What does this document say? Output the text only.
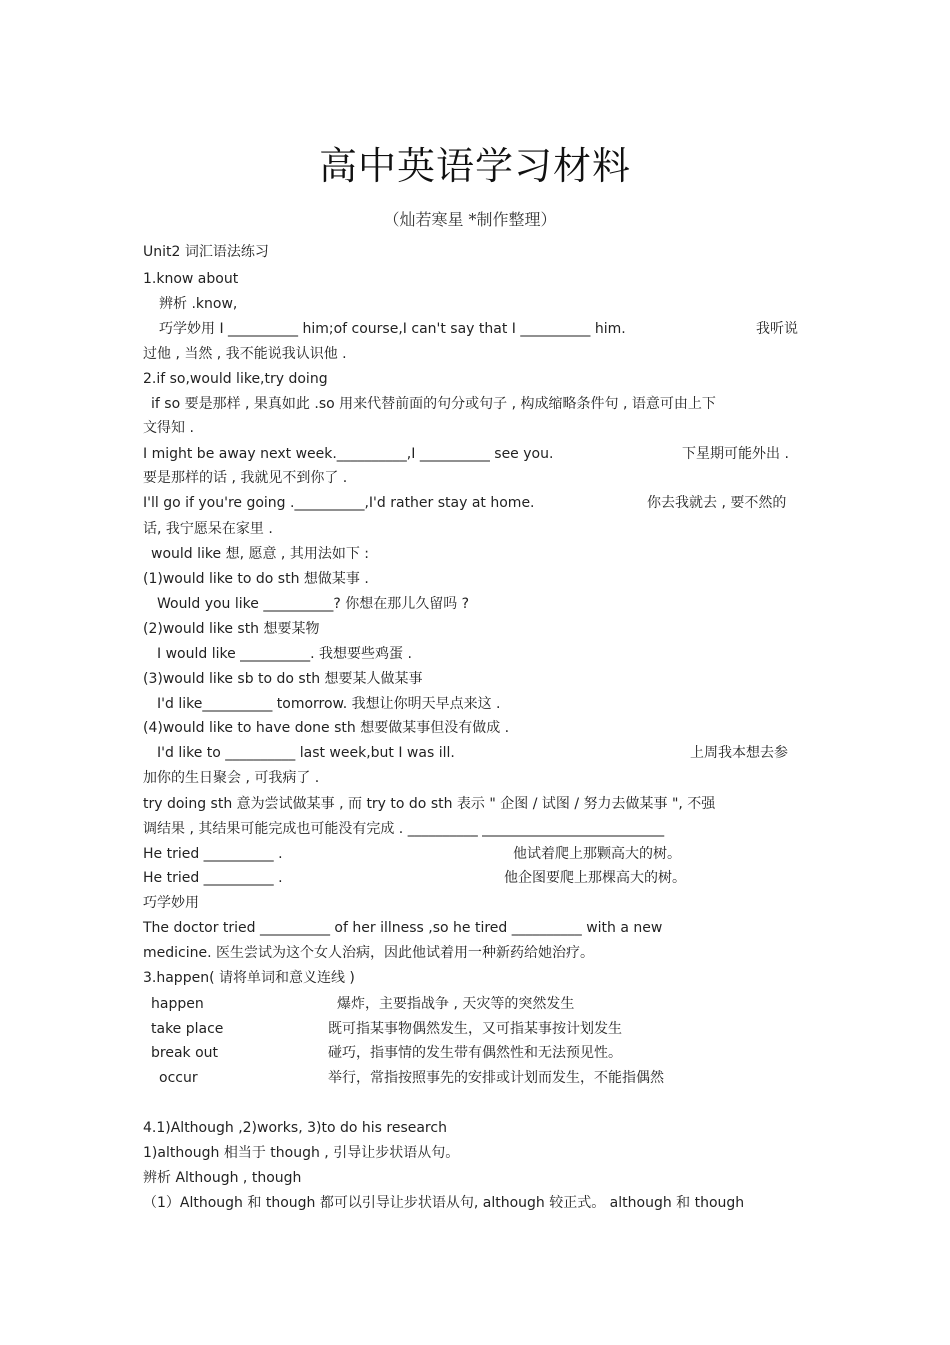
高中英语学习材料
（灿若寒星 *制作整理）
Unit2 词汇语法练习
1.know about
辨析 .know,
巧学妙用 I __________ him;of course,I can't say that I __________ him.	我听说
过他 , 当然 , 我不能说我认识他 .
2.if so,would like,try doing
if so 要是那样 , 果真如此 .so 用来代替前面的句分或句子 , 构成缩略条件句 , 语意可由上下
文得知 .
I might be away next week.__________,I __________ see you.	下星期可能外出 .
要是那样的话 , 我就见不到你了 .
I'll go if you're going .__________,I'd rather stay at home.	你去我就去 , 要不然的
话, 我宁愿呆在家里 .
would like 想, 愿意 , 其用法如下 :
(1)would like to do sth 想做某事 .
Would you like __________? 你想在那儿久留吗 ?
(2)would like sth 想要某物
I would like __________. 我想要些鸡蛋 .
(3)would like sb to do sth 想要某人做某事
I'd like__________ tomorrow. 我想让你明天早点来这 .
(4)would like to have done sth 想要做某事但没有做成 .
I'd like to __________ last week,but I was ill.	上周我本想去参
加你的生日聚会 , 可我病了 .
try doing sth 意为尝试做某事 , 而 try to do sth 表示 " 企图 / 试图 / 努力去做某事 ", 不强
调结果 , 其结果可能完成也可能没有完成 . __________ __________________________
He tried __________ .	他试着爬上那颗高大的树。
He tried __________ .	他企图要爬上那棵高大的树。
巧学妙用
The doctor tried __________ of her illness ,so he tired __________ with a new
medicine. 医生尝试为这个女人治病，因此他试着用一种新药给她治疗。
3.happen( 请将单词和意义连线 )
happen	爆炸，主要指战争 , 天灾等的突然发生
take place	既可指某事物偶然发生，又可指某事按计划发生
break out	碰巧，指事情的发生带有偶然性和无法预见性。
occur	举行，常指按照事先的安排或计划而发生，不能指偶然
4.1)Although ,2)works, 3)to do his research
1)although 相当于 though , 引导让步状语从句。
辨析 Although , though
（1）Although 和 though 都可以引导让步状语从句, although 较正式。 although 和 though
